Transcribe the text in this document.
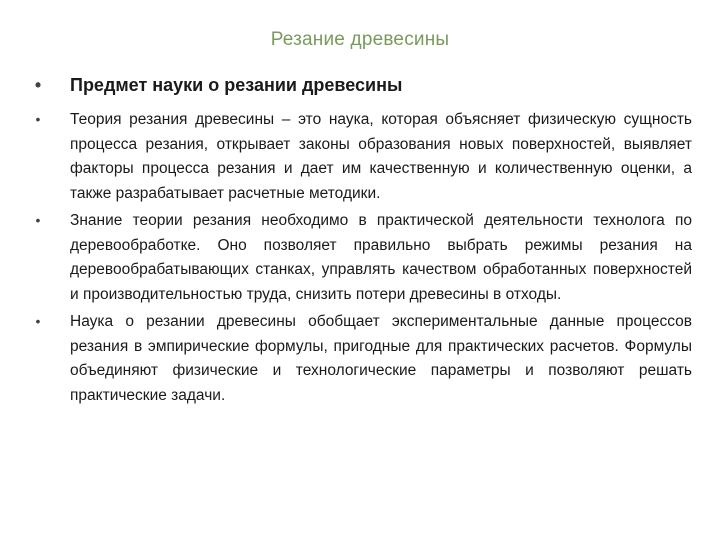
Резание древесины
•	Предмет науки о резании древесины
•	Теория резания древесины – это наука, которая объясняет физическую сущность процесса резания, открывает законы образования новых поверхностей, выявляет факторы процесса резания и дает им качественную и количественную оценки, а также разрабатывает расчетные методики.
•	Знание теории резания необходимо в практической деятельности технолога по деревообработке. Оно позволяет правильно выбрать режимы резания на деревообрабатывающих станках, управлять качеством обработанных поверхностей и производительностью труда, снизить потери древесины в отходы.
•	Наука о резании древесины обобщает экспериментальные данные процессов резания в эмпирические формулы, пригодные для практических расчетов. Формулы объединяют физические и технологические параметры и позволяют решать практические задачи.
